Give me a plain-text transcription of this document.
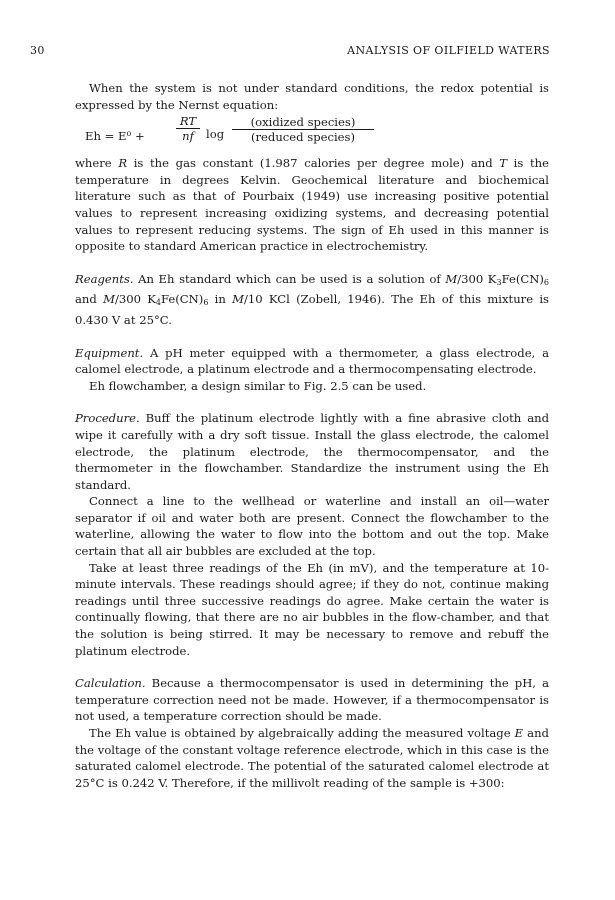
30	ANALYSIS OF OILFIELD WATERS

When the system is not under standard conditions, the redox potential is expressed by the Nernst equation:

$Eh = E^o$ +
RT
nf	log
(oxidized species)
(reduced species)

where R is the gas constant (1.987 calories per degree mole) and T is the temperature in degrees Kelvin. Geochemical literature and biochemical literature such as that of Pourbaix (1949) use increasing positive potential values to represent increasing oxidizing systems, and decreasing potential values to represent reducing systems. The sign of Eh used in this manner is opposite to standard American practice in electrochemistry.

Reagents. An Eh standard which can be used is a solution of M/300 $K_3Fe(CN)_6$ and M/300 $K_4Fe(CN)_6$ in M/10 KCl (Zobell, 1946). The Eh of this mixture is 0.430 V at 25°C.

Equipment. A pH meter equipped with a thermometer, a glass electrode, a calomel electrode, a platinum electrode and a thermocompensating electrode.

Eh flowchamber, a design similar to Fig. 2.5 can be used.

Procedure. Buff the platinum electrode lightly with a fine abrasive cloth and wipe it carefully with a dry soft tissue. Install the glass electrode, the calomel electrode, the platinum electrode, the thermocompensator, and the thermometer in the flowchamber. Standardize the instrument using the Eh standard.

Connect a line to the wellhead or waterline and install an oil—water separator if oil and water both are present. Connect the flowchamber to the waterline, allowing the water to flow into the bottom and out the top. Make certain that all air bubbles are excluded at the top.

Take at least three readings of the Eh (in mV), and the temperature at 10-minute intervals. These readings should agree; if they do not, continue making readings until three successive readings do agree. Make certain the water is continually flowing, that there are no air bubbles in the flow-chamber, and that the solution is being stirred. It may be necessary to remove and rebuff the platinum electrode.

Calculation. Because a thermocompensator is used in determining the pH, a temperature correction need not be made. However, if a thermocompensator is not used, a temperature correction should be made.

The Eh value is obtained by algebraically adding the measured voltage E and the voltage of the constant voltage reference electrode, which in this case is the saturated calomel electrode. The potential of the saturated calomel electrode at 25°C is 0.242 V. Therefore, if the millivolt reading of the sample is +300:
